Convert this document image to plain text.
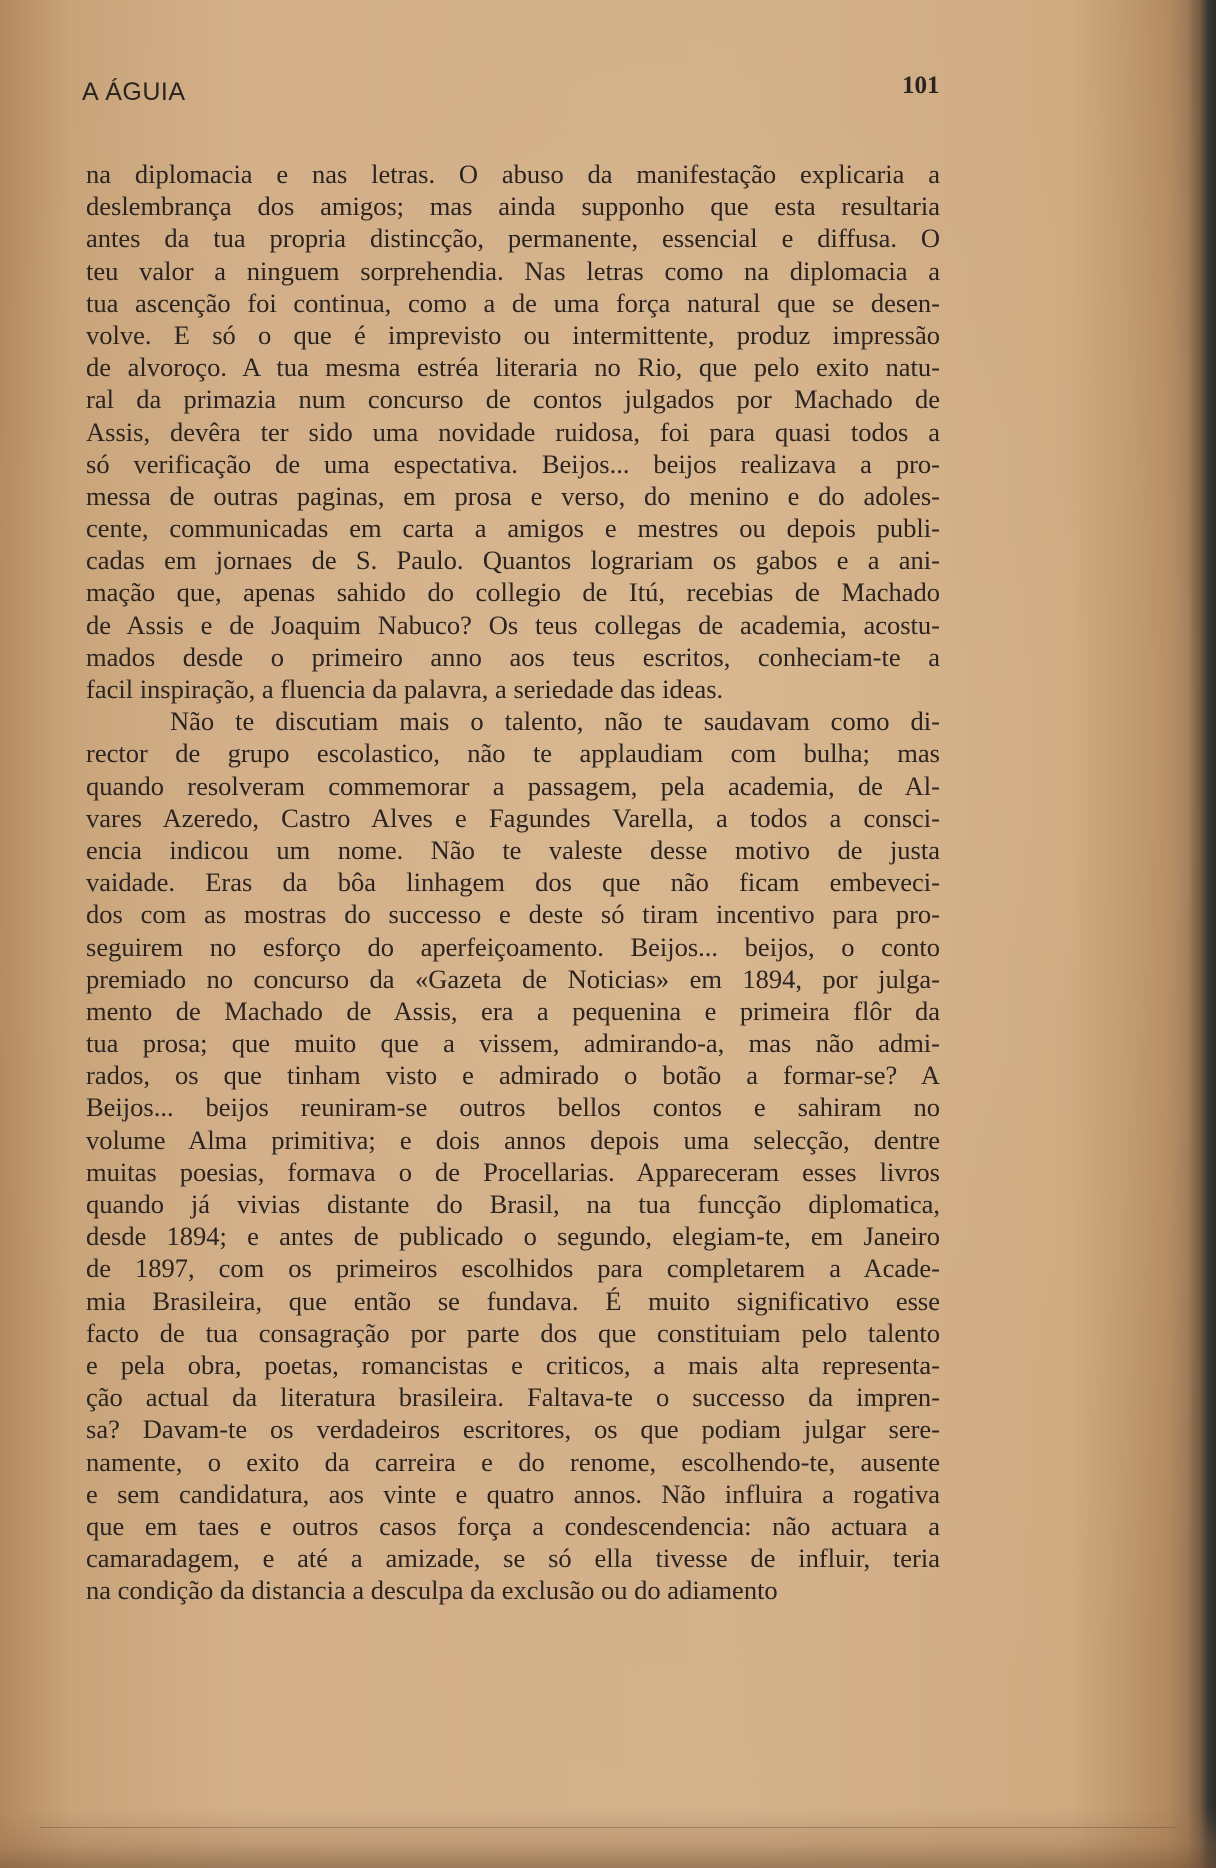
A ÁGUIA	101
na diplomacia e nas letras. O abuso da manifestação explicaria a
deslembrança dos amigos; mas ainda supponho que esta resultaria
antes da tua propria distincção, permanente, essencial e diffusa. O
teu valor a ninguem sorprehendia. Nas letras como na diplomacia a
tua ascenção foi continua, como a de uma força natural que se desen-
volve. E só o que é imprevisto ou intermittente, produz impressão
de alvoroço. A tua mesma estréa literaria no Rio, que pelo exito natu-
ral da primazia num concurso de contos julgados por Machado de
Assis, devêra ter sido uma novidade ruidosa, foi para quasi todos a
só verificação de uma espectativa. Beijos... beijos realizava a pro-
messa de outras paginas, em prosa e verso, do menino e do adoles-
cente, communicadas em carta a amigos e mestres ou depois publi-
cadas em jornaes de S. Paulo. Quantos lograriam os gabos e a ani-
mação que, apenas sahido do collegio de Itú, recebias de Machado
de Assis e de Joaquim Nabuco? Os teus collegas de academia, acostu-
mados desde o primeiro anno aos teus escritos, conheciam-te a
facil inspiração, a fluencia da palavra, a seriedade das ideas.
Não te discutiam mais o talento, não te saudavam como di-
rector de grupo escolastico, não te applaudiam com bulha; mas
quando resolveram commemorar a passagem, pela academia, de Al-
vares Azeredo, Castro Alves e Fagundes Varella, a todos a consci-
encia indicou um nome. Não te valeste desse motivo de justa
vaidade. Eras da bôa linhagem dos que não ficam embeveci-
dos com as mostras do successo e deste só tiram incentivo para pro-
seguirem no esforço do aperfeiçoamento. Beijos... beijos, o conto
premiado no concurso da «Gazeta de Noticias» em 1894, por julga-
mento de Machado de Assis, era a pequenina e primeira flôr da
tua prosa; que muito que a vissem, admirando-a, mas não admi-
rados, os que tinham visto e admirado o botão a formar-se? A
Beijos... beijos reuniram-se outros bellos contos e sahiram no
volume Alma primitiva; e dois annos depois uma selecção, dentre
muitas poesias, formava o de Procellarias. Appareceram esses livros
quando já vivias distante do Brasil, na tua funcção diplomatica,
desde 1894; e antes de publicado o segundo, elegiam-te, em Janeiro
de 1897, com os primeiros escolhidos para completarem a Acade-
mia Brasileira, que então se fundava. É muito significativo esse
facto de tua consagração por parte dos que constituiam pelo talento
e pela obra, poetas, romancistas e criticos, a mais alta representa-
ção actual da literatura brasileira. Faltava-te o successo da impren-
sa? Davam-te os verdadeiros escritores, os que podiam julgar sere-
namente, o exito da carreira e do renome, escolhendo-te, ausente
e sem candidatura, aos vinte e quatro annos. Não influira a rogativa
que em taes e outros casos força a condescendencia: não actuara a
camaradagem, e até a amizade, se só ella tivesse de influir, teria
na condição da distancia a desculpa da exclusão ou do adiamento
